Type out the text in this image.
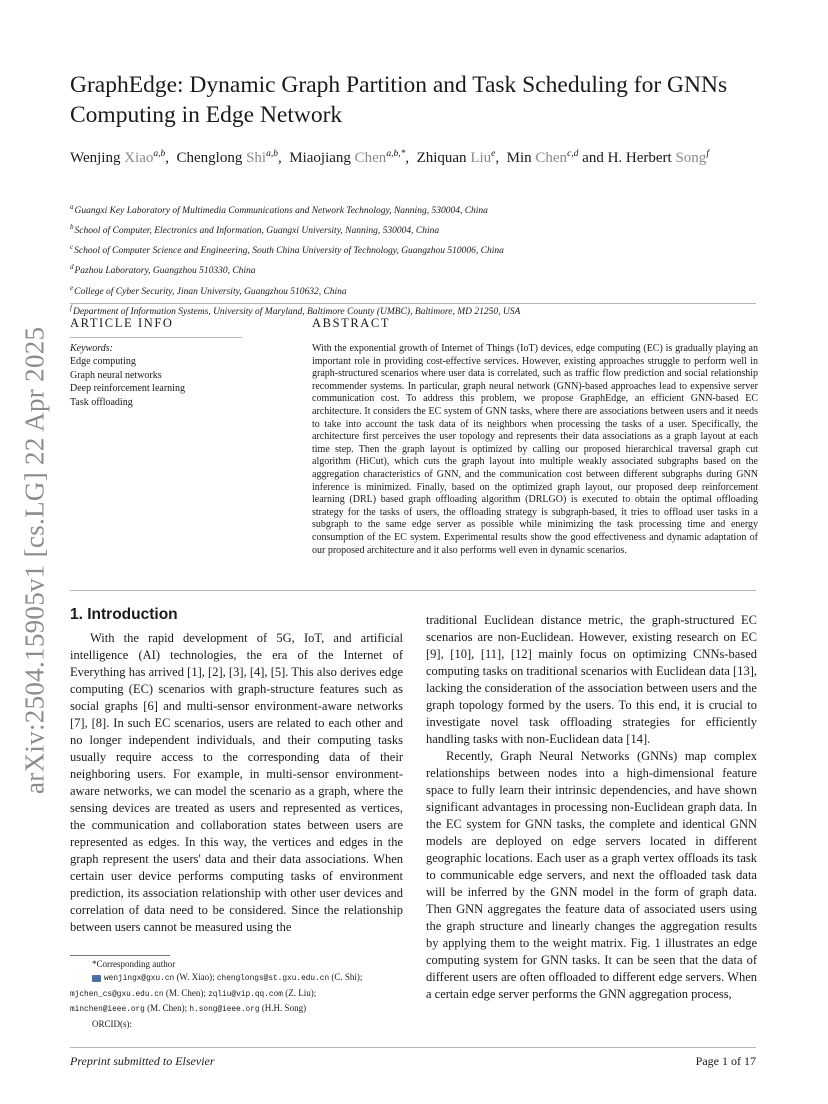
arXiv:2504.15905v1 [cs.LG] 22 Apr 2025
GraphEdge: Dynamic Graph Partition and Task Scheduling for GNNs Computing in Edge Network
Wenjing Xiao$^{a,b}$,  Chenglong Shi$^{a,b}$,  Miaojiang Chen$^{a,b,*}$,  Zhiquan Liu$^e$,  Min Chen$^{c,d}$ and H. Herbert Song$^f$
$^a$Guangxi Key Laboratory of Multimedia Communications and Network Technology, Nanning, 530004, China
$^b$School of Computer, Electronics and Information, Guangxi University, Nanning, 530004, China
$^c$School of Computer Science and Engineering, South China University of Technology, Guangzhou 510006, China
$^d$Pazhou Laboratory, Guangzhou 510330, China
$^e$College of Cyber Security, Jinan University, Guangzhou 510632, China
$^f$Department of Information Systems, University of Maryland, Baltimore County (UMBC), Baltimore, MD 21250, USA
ARTICLE INFO
Keywords:
Edge computing
Graph neural networks
Deep reinforcement learning
Task offloading
ABSTRACT

With the exponential growth of Internet of Things (IoT) devices, edge computing (EC) is gradually playing an important role in providing cost-effective services. However, existing approaches struggle to perform well in graph-structured scenarios where user data is correlated, such as traffic flow prediction and social relationship recommender systems. In particular, graph neural network (GNN)-based approaches lead to expensive server communication cost. To address this problem, we propose GraphEdge, an efficient GNN-based EC architecture. It considers the EC system of GNN tasks, where there are associations between users and it needs to take into account the task data of its neighbors when processing the tasks of a user. Specifically, the architecture first perceives the user topology and represents their data associations as a graph layout at each time step. Then the graph layout is optimized by calling our proposed hierarchical traversal graph cut algorithm (HiCut), which cuts the graph layout into multiple weakly associated subgraphs based on the aggregation characteristics of GNN, and the communication cost between different subgraphs during GNN inference is minimized. Finally, based on the optimized graph layout, our proposed deep reinforcement learning (DRL) based graph offloading algorithm (DRLGO) is executed to obtain the optimal offloading strategy for the tasks of users, the offloading strategy is subgraph-based, it tries to offload user tasks in a subgraph to the same edge server as possible while minimizing the task processing time and energy consumption of the EC system. Experimental results show the good effectiveness and dynamic adaptation of our proposed architecture and it also performs well even in dynamic scenarios.

1. Introduction

With the rapid development of 5G, IoT, and artificial intelligence (AI) technologies, the era of the Internet of Everything has arrived [1], [2], [3], [4], [5]. This also derives edge computing (EC) scenarios with graph-structure features such as social graphs [6] and multi-sensor environment-aware networks [7], [8]. In such EC scenarios, users are related to each other and no longer independent individuals, and their computing tasks usually require access to the corresponding data of their neighboring users. For example, in multi-sensor environment-aware networks, we can model the scenario as a graph, where the sensing devices are treated as users and represented as vertices, the communication and collaboration states between users are represented as edges. In this way, the vertices and edges in the graph represent the users' data and their data associations. When certain user device performs computing tasks of environment prediction, its association relationship with other user devices and correlation of data need to be considered. Since the relationship between users cannot be measured using the

traditional Euclidean distance metric, the graph-structured EC scenarios are non-Euclidean. However, existing research on EC [9], [10], [11], [12] mainly focus on optimizing CNNs-based computing tasks on traditional scenarios with Euclidean data [13], lacking the consideration of the association between users and the graph topology formed by the users. To this end, it is crucial to investigate novel task offloading strategies for efficiently handling tasks with non-Euclidean data [14].

Recently, Graph Neural Networks (GNNs) map complex relationships between nodes into a high-dimensional feature space to fully learn their intrinsic dependencies, and have shown significant advantages in processing non-Euclidean graph data. In the EC system for GNN tasks, the complete and identical GNN models are deployed on edge servers located in different geographic locations. Each user as a graph vertex offloads its task to communicable edge servers, and next the offloaded task data will be inferred by the GNN model in the form of graph data. Then GNN aggregates the feature data of associated users using the graph structure and linearly changes the aggregation results by applying them to the weight matrix. Fig. 1 illustrates an edge computing system for GNN tasks. It can be seen that the data of different users are often offloaded to different edge servers. When a certain edge server performs the GNN aggregation process,

*Corresponding author
wenjingx@gxu.cn (W. Xiao); chenglongs@st.gxu.edu.cn (C. Shi);
mjchen_cs@gxu.edu.cn (M. Chen); zqliu@vip.qq.com (Z. Liu);
minchen@ieee.org (M. Chen); h.song@ieee.org (H.H. Song)
ORCID(s):
Preprint submitted to Elsevier	Page 1 of 17
